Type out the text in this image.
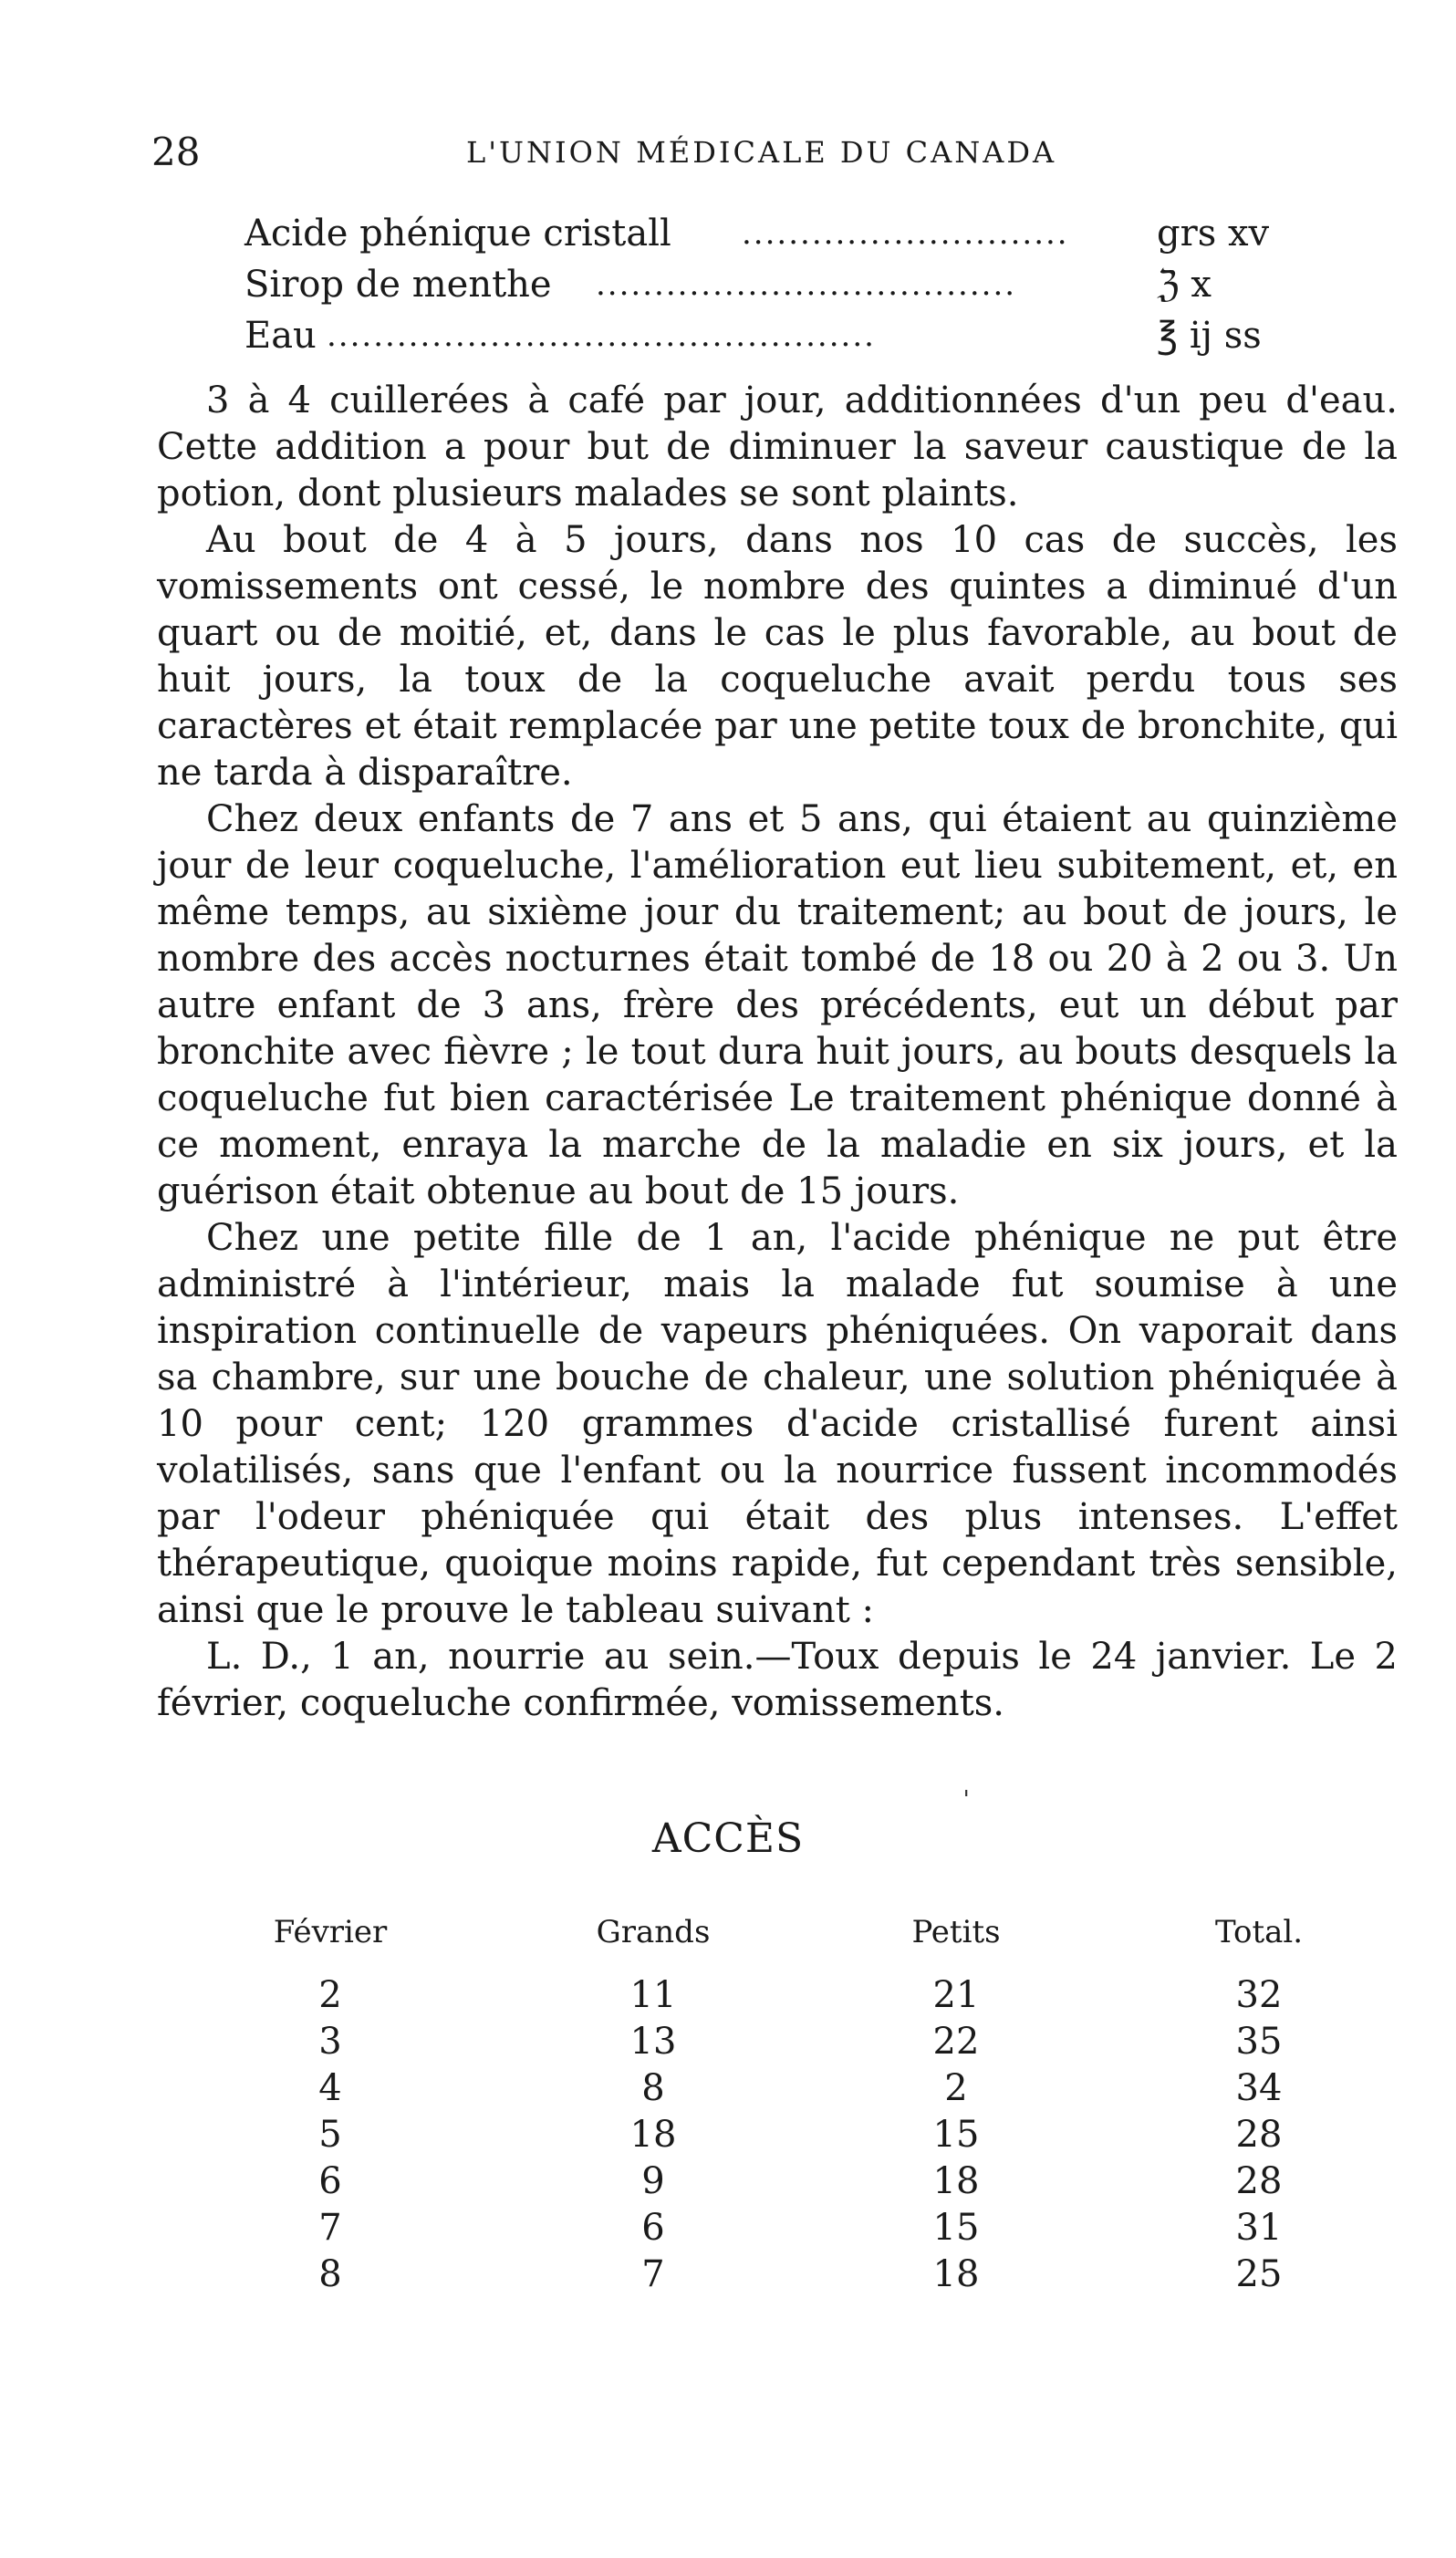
28	L'UNION MÉDICALE DU CANADA
Acide phénique cristall ............................	grs xv
Sirop de menthe ....................................	ℨ x
Eau ...............................................	℥ ij ss

3 à 4 cuillerées à café par jour, additionnées d'un peu d'eau. Cette addition a pour but de diminuer la saveur caustique de la potion, dont plusieurs malades se sont plaints.

Au bout de 4 à 5 jours, dans nos 10 cas de succès, les vomissements ont cessé, le nombre des quintes a diminué d'un quart ou de moitié, et, dans le cas le plus favorable, au bout de huit jours, la toux de la coqueluche avait perdu tous ses caractères et était remplacée par une petite toux de bronchite, qui ne tarda à disparaître.

Chez deux enfants de 7 ans et 5 ans, qui étaient au quinzième jour de leur coqueluche, l'amélioration eut lieu subitement, et, en même temps, au sixième jour du traitement; au bout de jours, le nombre des accès nocturnes était tombé de 18 ou 20 à 2 ou 3. Un autre enfant de 3 ans, frère des précédents, eut un début par bronchite avec fièvre ; le tout dura huit jours, au bouts desquels la coqueluche fut bien caractérisée Le traitement phénique donné à ce moment, enraya la marche de la maladie en six jours, et la guérison était obtenue au bout de 15 jours.

Chez une petite fille de 1 an, l'acide phénique ne put être administré à l'intérieur, mais la malade fut soumise à une inspiration continuelle de vapeurs phéniquées. On vaporait dans sa chambre, sur une bouche de chaleur, une solution phéniquée à 10 pour cent; 120 grammes d'acide cristallisé furent ainsi volatilisés, sans que l'enfant ou la nourrice fussent incommodés par l'odeur phéniquée qui était des plus intenses. L'effet thérapeutique, quoique moins rapide, fut cependant très sensible, ainsi que le prouve le tableau suivant :

L. D., 1 an, nourrie au sein.—Toux depuis le 24 janvier. Le 2 février, coqueluche confirmée, vomissements.

ACCÈS
Février	Grands	Petits	Total.
2	11	21	32
3	13	22	35
4	8	2	34
5	18	15	28
6	9	18	28
7	6	15	31
8	7	18	25
ˈ
